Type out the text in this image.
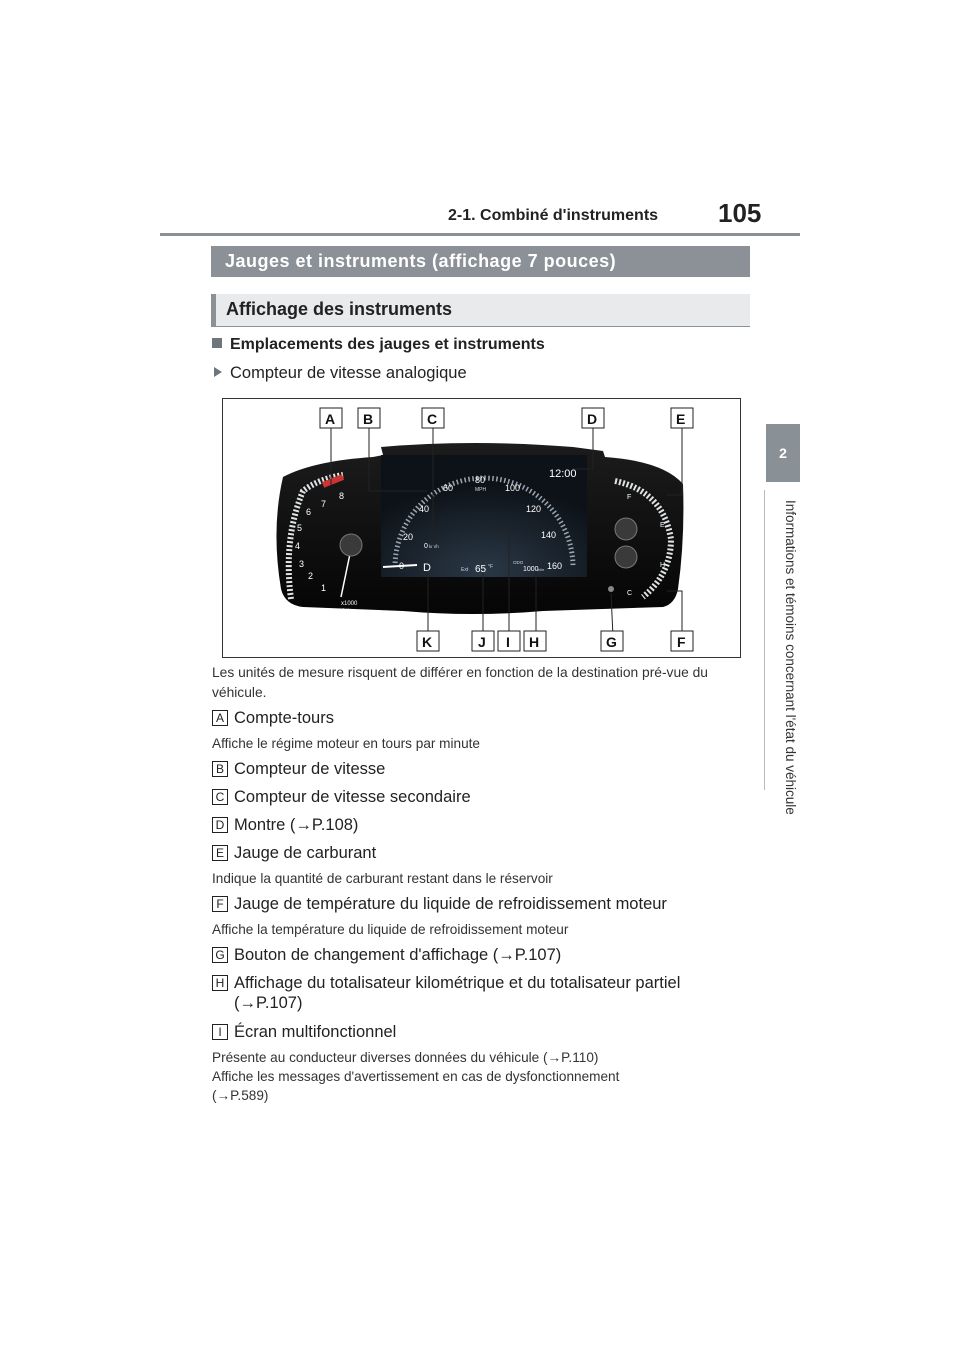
2-1. Combiné d'instruments 105
2
Informations et témoins concernant l'état du véhicule
Jauges et instruments (affichage 7 pouces)
Affichage des instruments
Emplacements des jauges et instruments
Compteur de vitesse analogique
1
2
3
4
5
6
7
8
x1000
r/min
20
40
60
80
MPH 100
120
140
160
0 km/h
12:00
D	Ext 65 °F
ODO
1000
mile
F
E
H
C
A B	C	D	E
K	J I H	G	F
Les unités de mesure risquent de différer en fonction de la destination pré-vue du véhicule.
A Compte-tours
Affiche le régime moteur en tours par minute
B Compteur de vitesse
C Compteur de vitesse secondaire
D Montre (→P.108)
E Jauge de carburant
Indique la quantité de carburant restant dans le réservoir
F Jauge de température du liquide de refroidissement moteur
Affiche la température du liquide de refroidissement moteur
G Bouton de changement d'affichage (→P.107)
H Affichage du totalisateur kilométrique et du totalisateur partiel
(→P.107)
I Écran multifonctionnel
Présente au conducteur diverses données du véhicule (→P.110)
Affiche les messages d'avertissement en cas de dysfonctionnement
(→P.589)
